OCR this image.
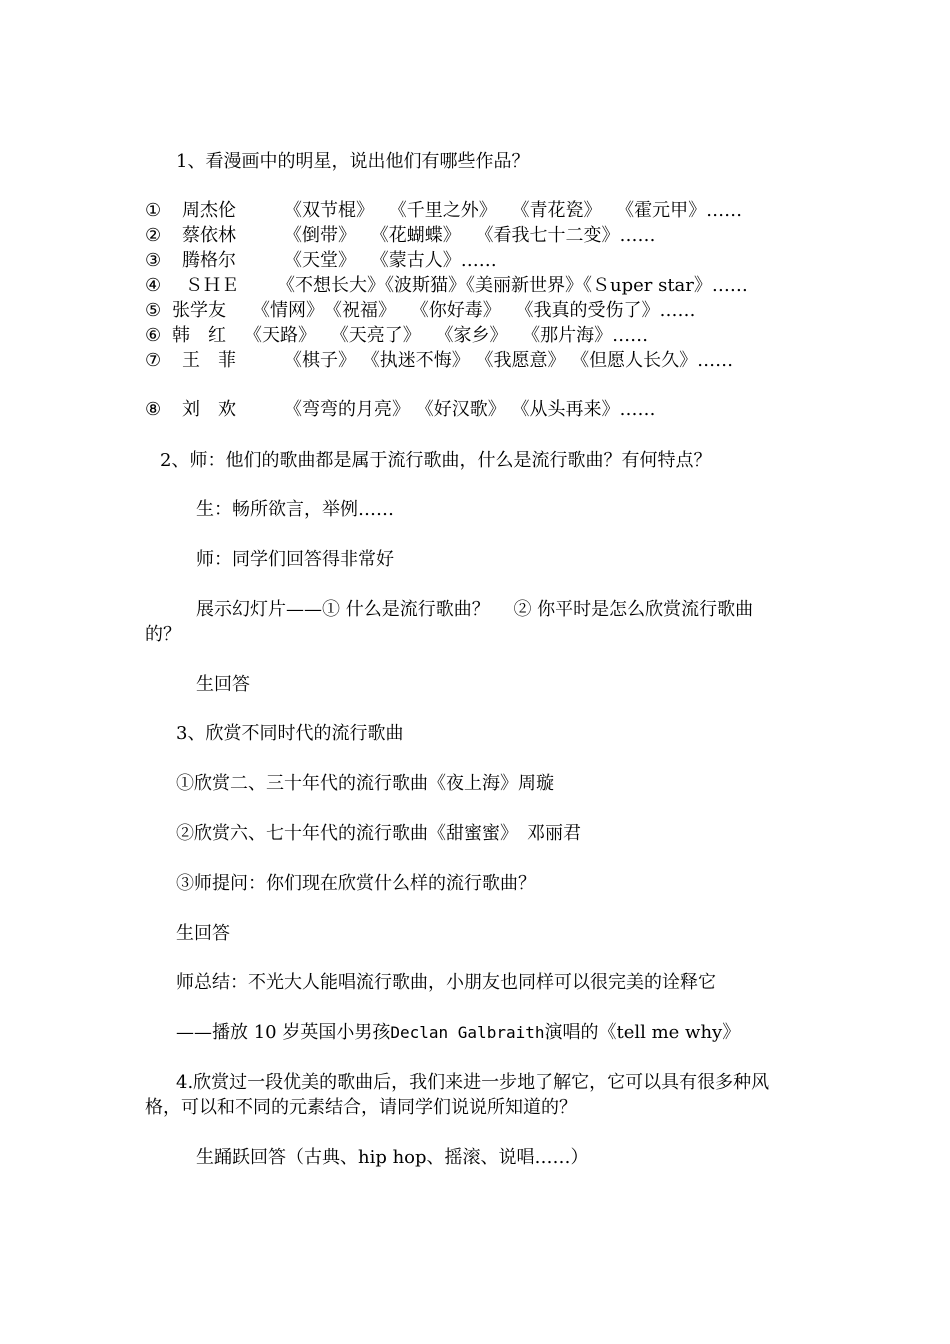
1、看漫画中的明星，说出他们有哪些作品？
① 周杰伦	《双节棍》　 《千里之外》　 《青花瓷》　 《霍元甲》……
② 蔡依林	《倒带》　 《花蝴蝶》　 《看我七十二变》……
③ 腾格尔	《天堂》　 《蒙古人》……
④ ＳＨＥ 《不想长大》《波斯猫》《美丽新世界》《Ｓuper star》……
⑤ 张学友 《情网》　《祝福》　 《你好毒》　 《我真的受伤了》……
⑥ 韩　红 《天路》　 《天亮了》　 《家乡》　 《那片海》……
⑦ 王　菲	《棋子》 《执迷不悔》 《我愿意》 《但愿人长久》……
⑧ 刘　欢	《弯弯的月亮》 《好汉歌》 《从头再来》……
2、师：他们的歌曲都是属于流行歌曲，什么是流行歌曲？有何特点？
生：畅所欲言，举例……
师：同学们回答得非常好
展示幻灯片——① 什么是流行歌曲？　 ② 你平时是怎么欣赏流行歌曲
的？
生回答
3、欣赏不同时代的流行歌曲
①欣赏二、三十年代的流行歌曲《夜上海》周璇
②欣赏六、七十年代的流行歌曲《甜蜜蜜》　邓丽君
③师提问：你们现在欣赏什么样的流行歌曲？
生回答
师总结：不光大人能唱流行歌曲，小朋友也同样可以很完美的诠释它
——播放 10 岁英国小男孩Declan Galbraith演唱的《tell me why》
4.欣赏过一段优美的歌曲后，我们来进一步地了解它，它可以具有很多种风
格，可以和不同的元素结合，请同学们说说所知道的？
生踊跃回答（古典、hip hop、摇滚、说唱……）
